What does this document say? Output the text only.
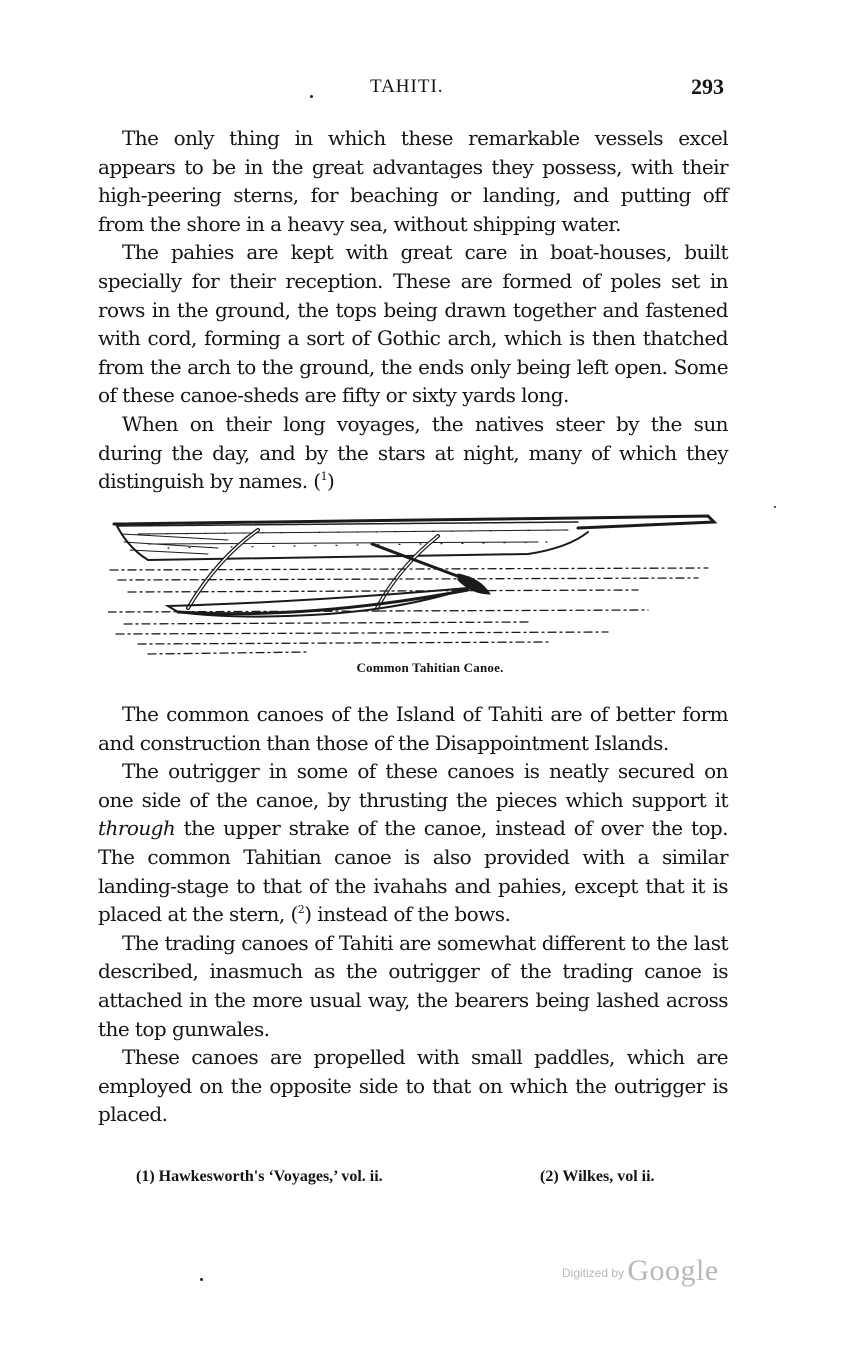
TAHITI.	293

The only thing in which these remarkable vessels excel appears to be in the great advantages they possess, with their high-peering sterns, for beaching or landing, and putting off from the shore in a heavy sea, without shipping water.

The pahies are kept with great care in boat-houses, built specially for their reception. These are formed of poles set in rows in the ground, the tops being drawn together and fastened with cord, forming a sort of Gothic arch, which is then thatched from the arch to the ground, the ends only being left open. Some of these canoe-sheds are fifty or sixty yards long.

When on their long voyages, the natives steer by the sun during the day, and by the stars at night, many of which they distinguish by names. ($^1$)

Common Tahitian Canoe.

The common canoes of the Island of Tahiti are of better form and construction than those of the Disappointment Islands.

The outrigger in some of these canoes is neatly secured on one side of the canoe, by thrusting the pieces which support it through the upper strake of the canoe, instead of over the top. The common Tahitian canoe is also provided with a similar landing-stage to that of the ivahahs and pahies, except that it is placed at the stern, ($^2$) instead of the bows.

The trading canoes of Tahiti are somewhat different to the last described, inasmuch as the outrigger of the trading canoe is attached in the more usual way, the bearers being lashed across the top gunwales.

These canoes are propelled with small paddles, which are employed on the opposite side to that on which the outrigger is placed.

(1) Hawkesworth's ‘Voyages,’ vol. ii.	(2) Wilkes, vol ii.
Digitized by Google
